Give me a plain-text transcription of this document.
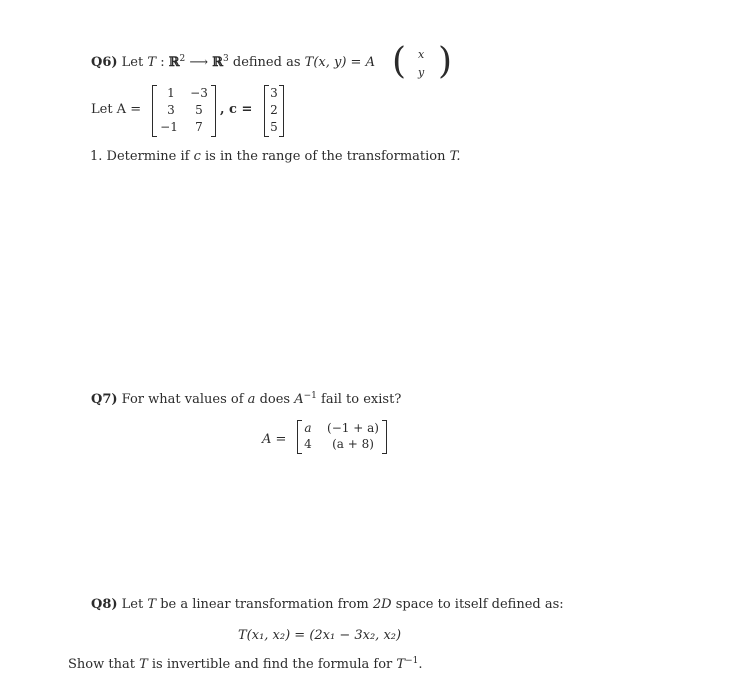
Q6) Let T : ℝ$^2$ ⟶ ℝ$^3$ defined as T(x, y) = A ( x
y )
Let A =
1	−3
3	5
−1	7
, c =
3
2
5
1. Determine if c is in the range of the transformation T.
Q7) For what values of a does $A^{-1}$ fail to exist?
A =
a	(−1 + a)
4	(a + 8)
Q8) Let T be a linear transformation from 2D space to itself defined as:
T(x₁, x₂) = (2x₁ − 3x₂, x₂)
Show that T is invertible and find the formula for $T^{-1}$.
